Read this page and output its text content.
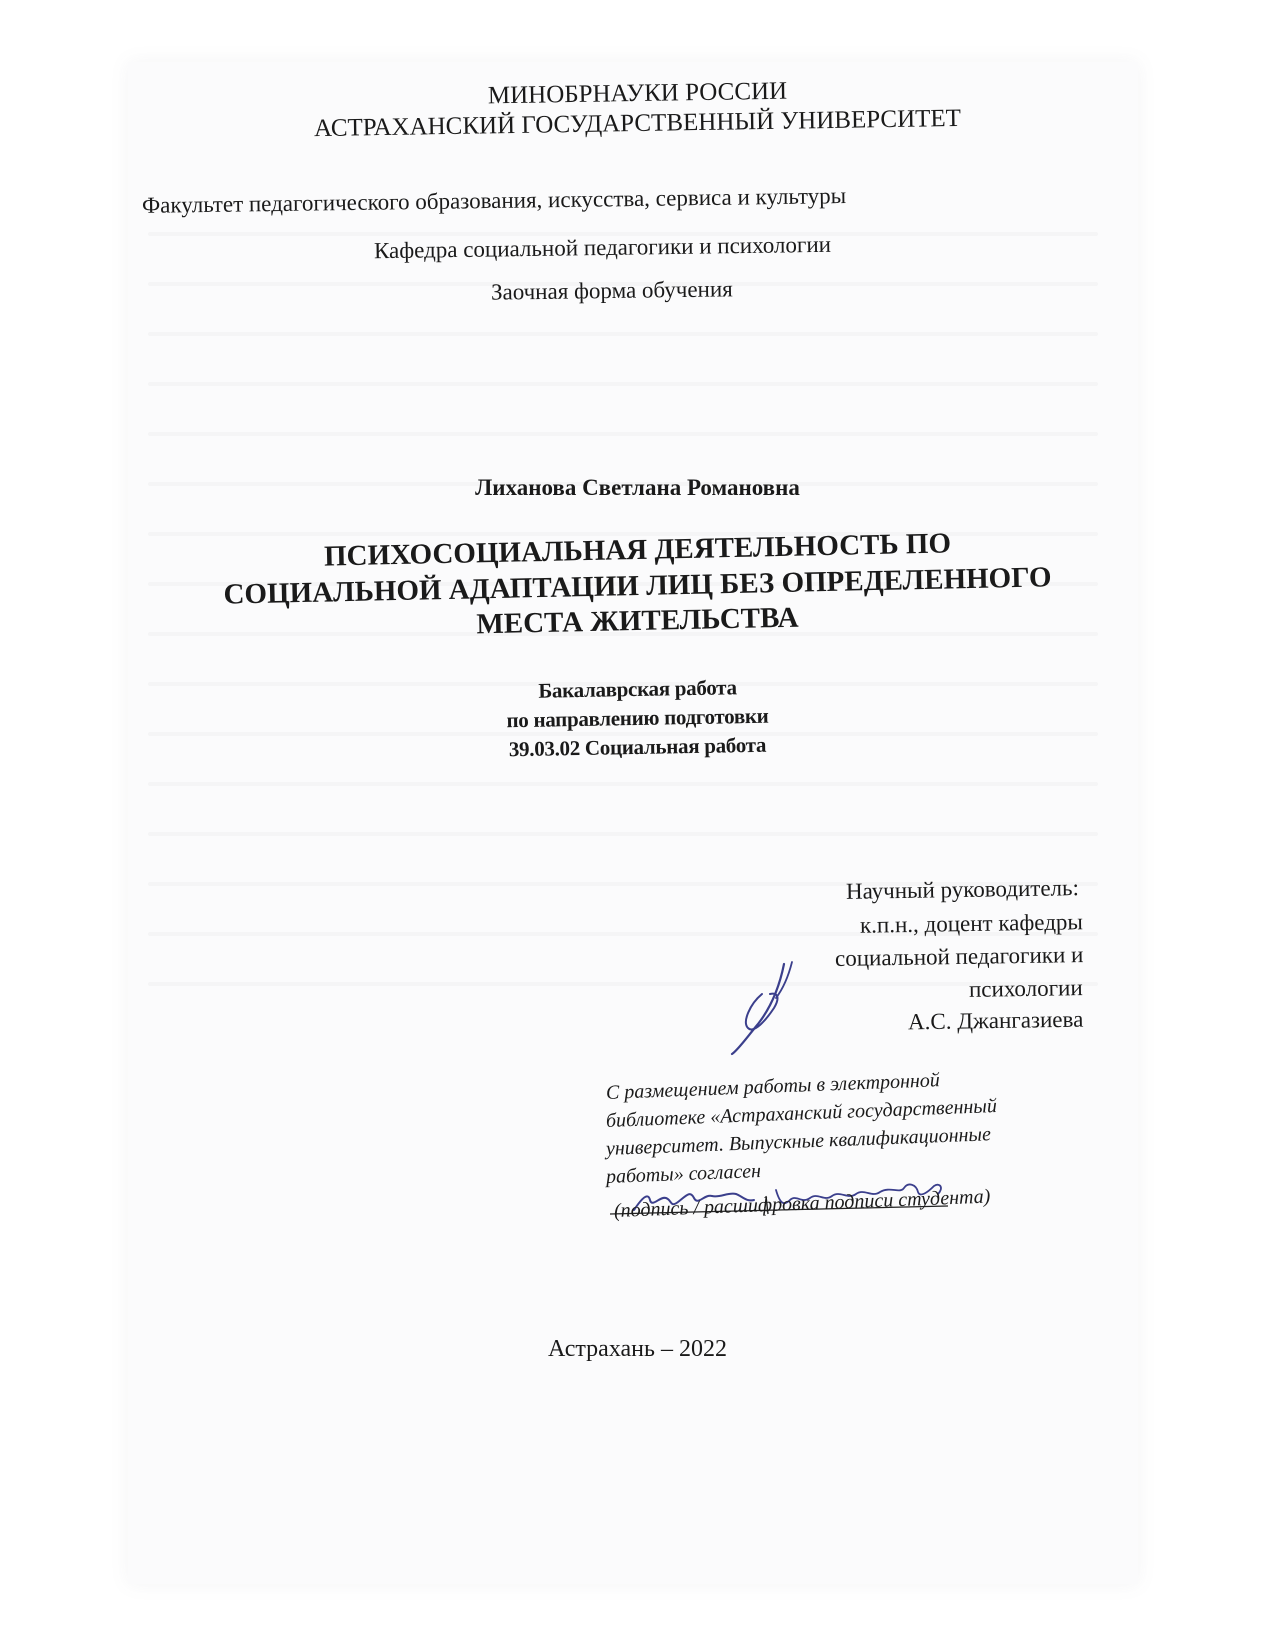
МИНОБРНАУКИ РОССИИ
АСТРАХАНСКИЙ ГОСУДАРСТВЕННЫЙ УНИВЕРСИТЕТ
Факультет педагогического образования, искусства, сервиса и культуры
Кафедра социальной педагогики и психологии
Заочная форма обучения
Лиханова Светлана Романовна
ПСИХОСОЦИАЛЬНАЯ ДЕЯТЕЛЬНОСТЬ ПО
СОЦИАЛЬНОЙ АДАПТАЦИИ ЛИЦ БЕЗ ОПРЕДЕЛЕННОГО
МЕСТА ЖИТЕЛЬСТВА
Бакалаврская работа
по направлению подготовки
39.03.02 Социальная работа
Научный руководитель:
к.п.н., доцент кафедры
социальной педагогики и
психологии
А.С. Джангазиева
С размещением работы в электронной
библиотеке «Астраханский государственный
университет. Выпускные квалификационные
работы» согласен
(подпись / расшифровка подписи студента)
Астрахань – 2022
